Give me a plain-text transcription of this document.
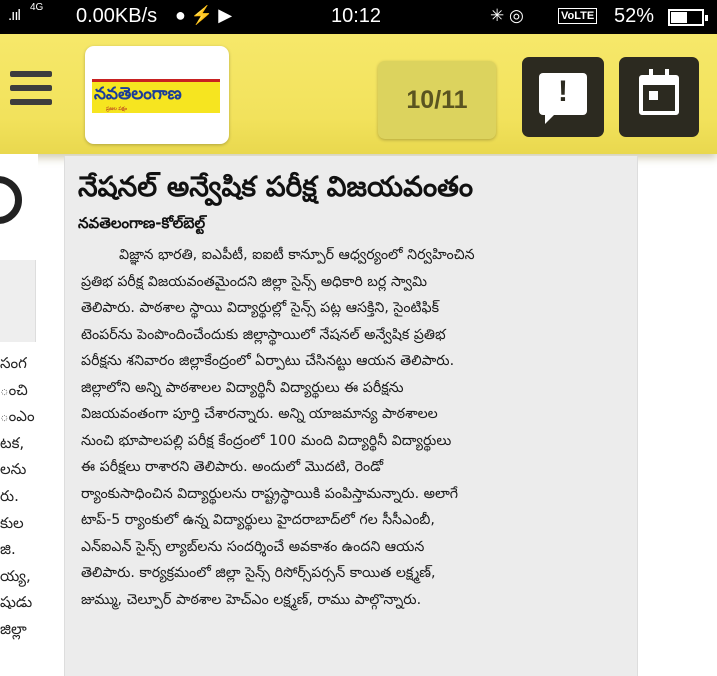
.ııl 4G 0.00KB/s ● ⚡ ▶	10:12	✳ ◎	VoLTE 52%
నవతెలంగాణ
ప్రజల పక్షం	10/11	!
సంగ
ంచి
ంఎం
టక,
లను
రు.
కుల
జి.
య్య,
షుడు
జిల్లా
నేషనల్ అన్వేషిక పరీక్ష విజయవంతం
నవతెలంగాణ-కోల్‌బెల్ట్
విజ్ఞాన భారతి, ఐఎపీటీ, ఐఐటీ కాన్పూర్ ఆధ్వర్యంలో నిర్వహించిన
ప్రతిభ పరీక్ష విజయవంతమైందని జిల్లా సైన్స్ అధికారి బర్ల స్వామి
తెలిపారు. పాఠశాల స్థాయి విద్యార్థుల్లో సైన్స్ పట్ల ఆసక్తిని, సైంటిఫిక్
టెంపర్‌ను పెంపొందించేందుకు జిల్లాస్థాయిలో నేషనల్ అన్వేషిక ప్రతిభ
పరీక్షను శనివారం జిల్లాకేంద్రంలో ఏర్పాటు చేసినట్టు ఆయన తెలిపారు.
జిల్లాలోని అన్ని పాఠశాలల విద్యార్థినీ విద్యార్థులు ఈ పరీక్షను
విజయవంతంగా పూర్తి చేశారన్నారు. అన్ని యాజమాన్య పాఠశాలల
నుంచి భూపాలపల్లి పరీక్ష కేంద్రంలో 100 మంది విద్యార్థినీ విద్యార్థులు
ఈ పరీక్షలు రాశారని తెలిపారు. అందులో మొదటి, రెండో
ర్యాంకుసాధించిన విద్యార్థులను రాష్ట్రస్థాయికి పంపిస్తామన్నారు. అలాగే
టాప్-5 ర్యాంకులో ఉన్న విద్యార్థులు హైదరాబాద్‌లో గల సీసీఎంబీ,
ఎన్ఐఎన్ సైన్స్ ల్యాబ్‌లను సందర్శించే అవకాశం ఉందని ఆయన
తెలిపారు. కార్యక్రమంలో జిల్లా సైన్స్ రిసోర్స్‌పర్సన్ కాయిత లక్ష్మణ్,
జుమ్ము, చెల్పూర్ పాఠశాల హెచ్ఎం లక్ష్మణ్, రాము పాల్గొన్నారు.
